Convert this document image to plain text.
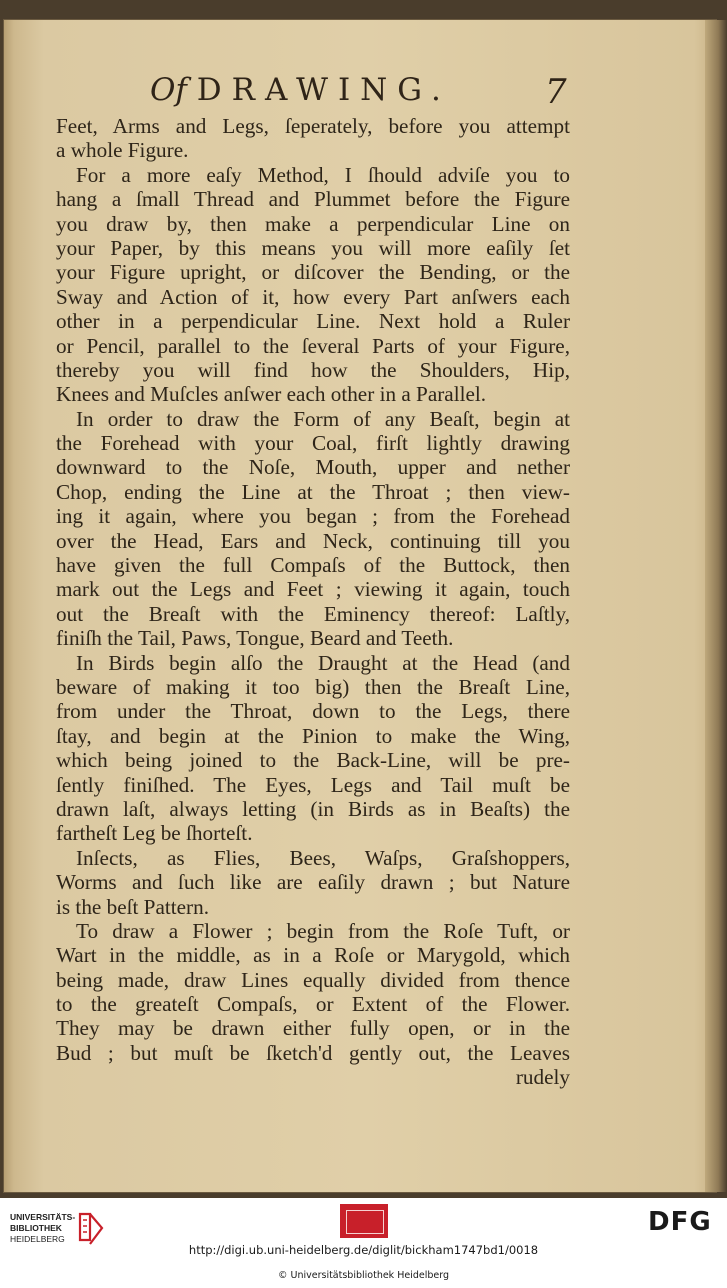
Of DRAWING.	7
Feet, Arms and Legs, ſeperately, before you attempt
a whole Figure.
For a more eaſy Method, I ſhould adviſe you to
hang a ſmall Thread and Plummet before the Figure
you draw by, then make a perpendicular Line on
your Paper, by this means you will more eaſily ſet
your Figure upright, or diſcover the Bending, or the
Sway and Action of it, how every Part anſwers each
other in a perpendicular Line. Next hold a Ruler
or Pencil, parallel to the ſeveral Parts of your Figure,
thereby you will find how the Shoulders, Hip,
Knees and Muſcles anſwer each other in a Parallel.
In order to draw the Form of any Beaſt, begin at
the Forehead with your Coal, firſt lightly drawing
downward to the Noſe, Mouth, upper and nether
Chop, ending the Line at the Throat ; then view-
ing it again, where you began ; from the Forehead
over the Head, Ears and Neck, continuing till you
have given the full Compaſs of the Buttock, then
mark out the Legs and Feet ; viewing it again, touch
out the Breaſt with the Eminency thereof: Laſtly,
finiſh the Tail, Paws, Tongue, Beard and Teeth.
In Birds begin alſo the Draught at the Head (and
beware of making it too big) then the Breaſt Line,
from under the Throat, down to the Legs, there
ſtay, and begin at the Pinion to make the Wing,
which being joined to the Back-Line, will be pre-
ſently finiſhed. The Eyes, Legs and Tail muſt be
drawn laſt, always letting (in Birds as in Beaſts) the
fartheſt Leg be ſhorteſt.
Inſects, as Flies, Bees, Waſps, Graſshoppers,
Worms and ſuch like are eaſily drawn ; but Nature
is the beſt Pattern.
To draw a Flower ; begin from the Roſe Tuft, or
Wart in the middle, as in a Roſe or Marygold, which
being made, draw Lines equally divided from thence
to the greateſt Compaſs, or Extent of the Flower.
They may be drawn either fully open, or in the
Bud ; but muſt be ſketch'd gently out, the Leaves
rudely
UNIVERSITÄTS-
BIBLIOTHEK
HEIDELBERG
DFG
http://digi.ub.uni-heidelberg.de/diglit/bickham1747bd1/0018
© Universitätsbibliothek Heidelberg
